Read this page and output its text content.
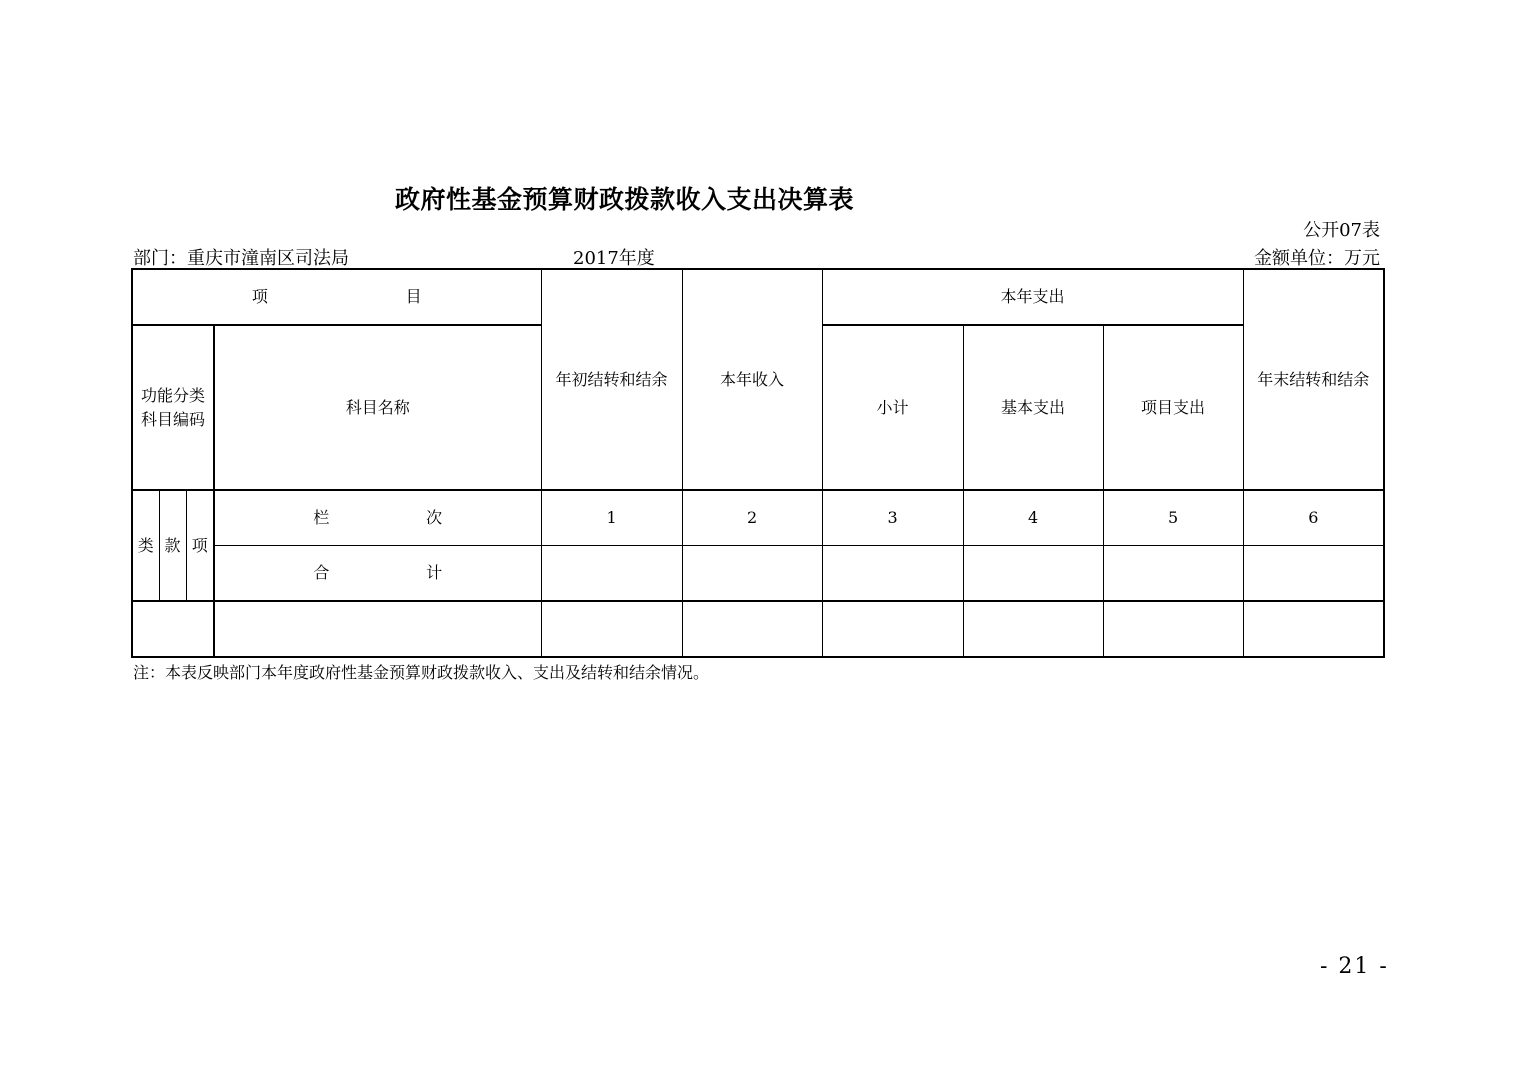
政府性基金预算财政拨款收入支出决算表
公开07表
部门：重庆市潼南区司法局	2017年度	金额单位：万元
项 目				年初结转和结余	本年收入	本年支出			年末结转和结余

功能分类
科目编码			科目名称			小计	基本支出	项目支出	
类	款	项	栏 次	1	2	3	4	5	6

			合 计						

注：本表反映部门本年度政府性基金预算财政拨款收入、支出及结转和结余情况。
- 21 -
